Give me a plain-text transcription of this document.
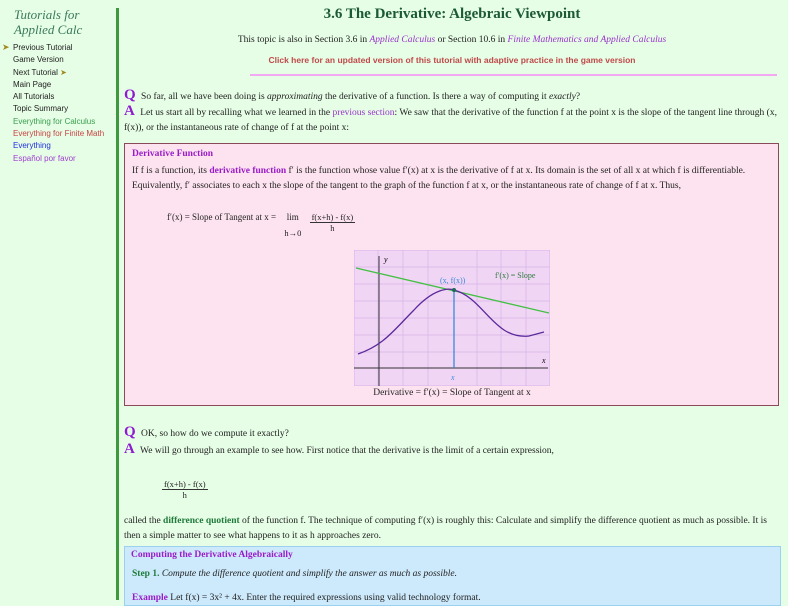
Tutorials for
Applied Calc
Previous Tutorial
Game Version
Next Tutorial ➤
Main Page
All Tutorials
Topic Summary
Everything for Calculus
Everything for Finite Math
Everything
Español por favor
➤
3.6 The Derivative: Algebraic Viewpoint
This topic is also in Section 3.6 in Applied Calculus or Section 10.6 in Finite Mathematics and Applied Calculus
Click here for an updated version of this tutorial with adaptive practice in the game version
Q So far, all we have been doing is approximating the derivative of a function. Is there a way of computing it exactly?
A Let us start all by recalling what we learned in the previous section: We saw that the derivative of the function f at the point x is the slope of the tangent line through (x, f(x)), or the instantaneous rate of change of f at the point x:
Derivative Function
If f is a function, its derivative function f′ is the function whose value f′(x) at x is the derivative of f at x. Its domain is the set of all x at which f is differentiable. Equivalently, f′ associates to each x the slope of the tangent to the graph of the function f at x, or the instantaneous rate of change of f at x. Thus,
f′(x) = Slope of Tangent at x = lim
$h\to 0 \frac{f(x+h) - f(x)}{h}$
y
x
(x, f(x))
f′(x) = Slope
x
Derivative = f′(x) = Slope of Tangent at x
Q OK, so how do we compute it exactly?
A We will go through an example to see how. First notice that the derivative is the limit of a certain expression,
$\frac{f(x+h) - f(x)}{h}$
called the difference quotient of the function f. The technique of computing f′(x) is roughly this: Calculate and simplify the difference quotient as much as possible. It is then a simple matter to see what happens to it as h approaches zero.
Computing the Derivative Algebraically
Step 1. Compute the difference quotient and simplify the answer as much as possible.
Example Let f(x) = 3x² + 4x. Enter the required expressions using valid technology format.
